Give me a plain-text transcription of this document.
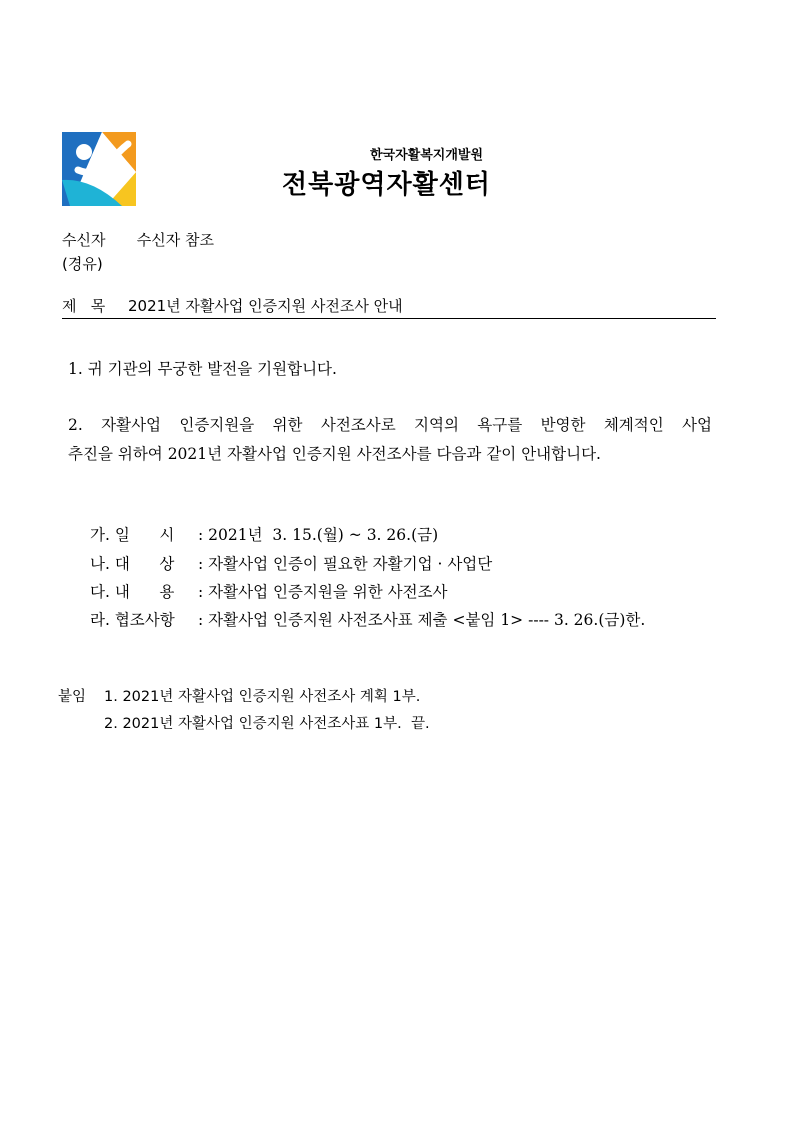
한국자활복지개발원
전북광역자활센터
수신자 수신자 참조
(경유)
제   목 2021년 자활사업 인증지원 사전조사 안내
1. 귀 기관의 무궁한 발전을 기원합니다.
2. 자활사업 인증지원을 위한 사전조사로 지역의 욕구를 반영한 체계적인 사업
추진을 위하여 2021년 자활사업 인증지원 사전조사를 다음과 같이 안내합니다.
가. 일      시 : 2021년  3. 15.(월) ~ 3. 26.(금)
나. 대      상 : 자활사업 인증이 필요한 자활기업 · 사업단
다. 내      용 : 자활사업 인증지원을 위한 사전조사
라. 협조사항 : 자활사업 인증지원 사전조사표 제출 <붙임 1> ---- 3. 26.(금)한.
붙임 1. 2021년 자활사업 인증지원 사전조사 계획 1부.
2. 2021년 자활사업 인증지원 사전조사표 1부.  끝.
